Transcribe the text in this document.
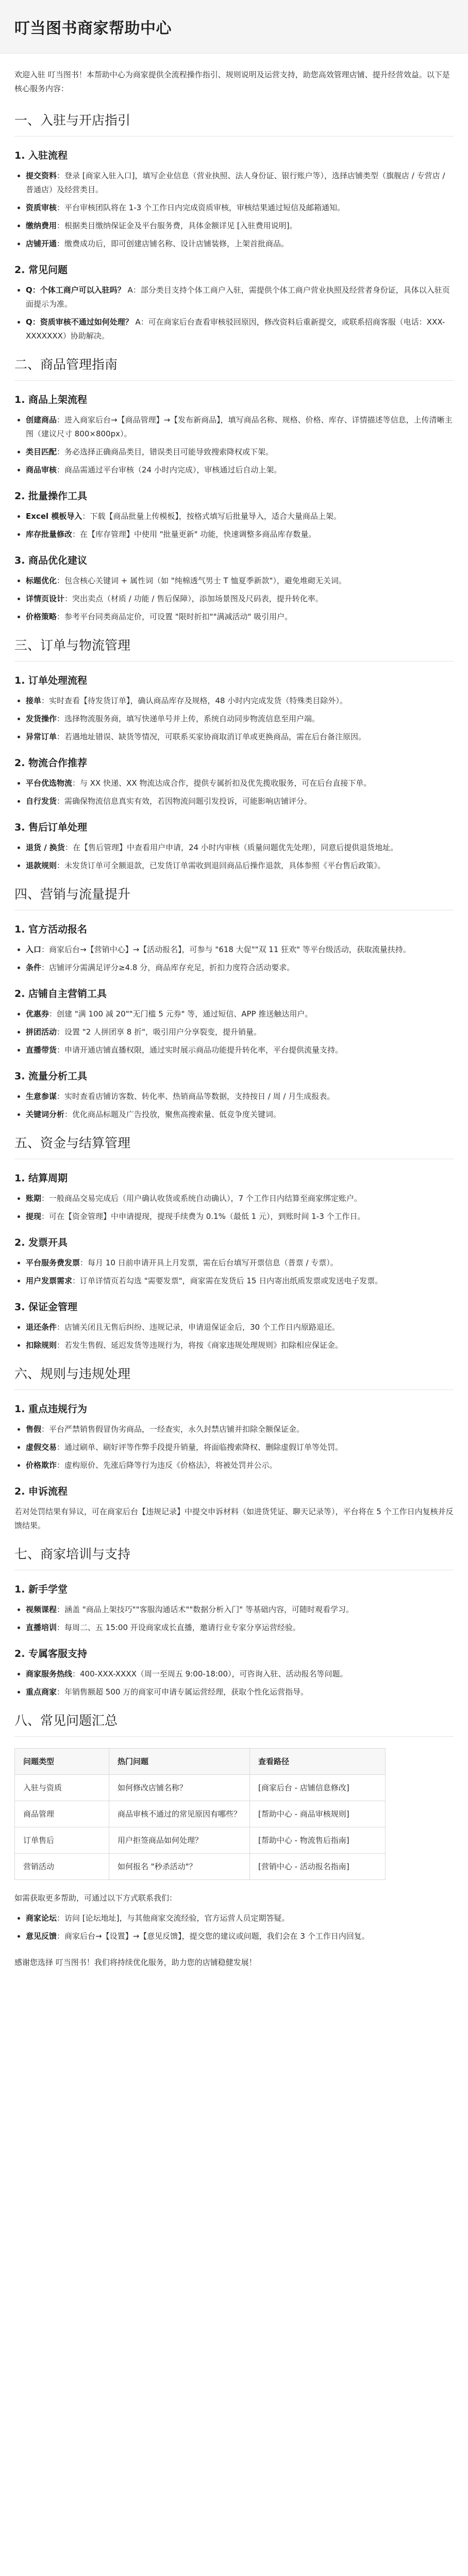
叮当图书商家帮助中心

欢迎入驻 叮当图书！本帮助中心为商家提供全流程操作指引、规则说明及运营支持，助您高效管理店铺、提升经营效益。以下是核心服务内容：

一、入驻与开店指引
1. 入驻流程
• 提交资料：登录 [商家入驻入口]，填写企业信息（营业执照、法人身份证、银行账户等），选择店铺类型（旗舰店 / 专营店 / 普通店）及经营类目。
• 资质审核：平台审核团队将在 1-3 个工作日内完成资质审核，审核结果通过短信及邮箱通知。
• 缴纳费用：根据类目缴纳保证金及平台服务费，具体金额详见 [入驻费用说明]。
• 店铺开通：缴费成功后，即可创建店铺名称、设计店铺装修，上架首批商品。
2. 常见问题
• Q：个体工商户可以入驻吗？ A：部分类目支持个体工商户入驻，需提供个体工商户营业执照及经营者身份证，具体以入驻页面提示为准。
• Q：资质审核不通过如何处理？ A：可在商家后台查看审核驳回原因，修改资料后重新提交，或联系招商客服（电话：XXX-XXXXXXX）协助解决。
二、商品管理指南
1. 商品上架流程
• 创建商品：进入商家后台→【商品管理】→【发布新商品】，填写商品名称、规格、价格、库存、详情描述等信息，上传清晰主图（建议尺寸 800×800px）。
• 类目匹配：务必选择正确商品类目，错误类目可能导致搜索降权或下架。
• 商品审核：商品需通过平台审核（24 小时内完成），审核通过后自动上架。
2. 批量操作工具
• Excel 模板导入：下载【商品批量上传模板】，按格式填写后批量导入，适合大量商品上架。
• 库存批量修改：在【库存管理】中使用 "批量更新" 功能，快速调整多商品库存数量。
3. 商品优化建议
• 标题优化：包含核心关键词 + 属性词（如 "纯棉透气男士 T 恤夏季新款"），避免堆砌无关词。
• 详情页设计：突出卖点（材质 / 功能 / 售后保障），添加场景图及尺码表，提升转化率。
• 价格策略：参考平台同类商品定价，可设置 "限时折扣""满减活动" 吸引用户。
三、订单与物流管理
1. 订单处理流程
• 接单：实时查看【待发货订单】，确认商品库存及规格，48 小时内完成发货（特殊类目除外）。
• 发货操作：选择物流服务商，填写快递单号并上传，系统自动同步物流信息至用户端。
• 异常订单：若遇地址错误、缺货等情况，可联系买家协商取消订单或更换商品，需在后台备注原因。
2. 物流合作推荐
• 平台优选物流：与 XX 快递、XX 物流达成合作，提供专属折扣及优先揽收服务，可在后台直接下单。
• 自行发货：需确保物流信息真实有效，若因物流问题引发投诉，可能影响店铺评分。
3. 售后订单处理
• 退货 / 换货：在【售后管理】中查看用户申请，24 小时内审核（质量问题优先处理），同意后提供退货地址。
• 退款规则：未发货订单可全额退款，已发货订单需收到退回商品后操作退款，具体参照《平台售后政策》。
四、营销与流量提升
1. 官方活动报名
• 入口：商家后台→【营销中心】→【活动报名】，可参与 "618 大促""双 11 狂欢" 等平台级活动，获取流量扶持。
• 条件：店铺评分需满足评分≥4.8 分，商品库存充足，折扣力度符合活动要求。
2. 店铺自主营销工具
• 优惠券：创建 "满 100 减 20""无门槛 5 元券" 等，通过短信、APP 推送触达用户。
• 拼团活动：设置 "2 人拼团享 8 折"，吸引用户分享裂变，提升销量。
• 直播带货：申请开通店铺直播权限，通过实时展示商品功能提升转化率，平台提供流量支持。
3. 流量分析工具
• 生意参谋：实时查看店铺访客数、转化率、热销商品等数据，支持按日 / 周 / 月生成报表。
• 关键词分析：优化商品标题及广告投放，聚焦高搜索量、低竞争度关键词。
五、资金与结算管理
1. 结算周期
• 账期：一般商品交易完成后（用户确认收货或系统自动确认），7 个工作日内结算至商家绑定账户。
• 提现：可在【资金管理】中申请提现，提现手续费为 0.1%（最低 1 元），到账时间 1-3 个工作日。
2. 发票开具
• 平台服务费发票：每月 10 日前申请开具上月发票，需在后台填写开票信息（普票 / 专票）。
• 用户发票需求：订单详情页若勾选 "需要发票"，商家需在发货后 15 日内寄出纸质发票或发送电子发票。
3. 保证金管理
• 退还条件：店铺关闭且无售后纠纷、违规记录，申请退保证金后，30 个工作日内原路退还。
• 扣除规则：若发生售假、延迟发货等违规行为，将按《商家违规处理规则》扣除相应保证金。
六、规则与违规处理
1. 重点违规行为
• 售假：平台严禁销售假冒伪劣商品，一经查实，永久封禁店铺并扣除全额保证金。
• 虚假交易：通过刷单、刷好评等作弊手段提升销量，将面临搜索降权、删除虚假订单等处罚。
• 价格欺诈：虚构原价、先涨后降等行为违反《价格法》，将被处罚并公示。
2. 申诉流程

若对处罚结果有异议，可在商家后台【违规记录】中提交申诉材料（如进货凭证、聊天记录等），平台将在 5 个工作日内复核并反馈结果。

七、商家培训与支持
1. 新手学堂
• 视频课程：涵盖 "商品上架技巧""客服沟通话术""数据分析入门" 等基础内容，可随时观看学习。
• 直播培训：每周二、五 15:00 开设商家成长直播，邀请行业专家分享运营经验。
2. 专属客服支持
• 商家服务热线：400-XXX-XXXX（周一至周五 9:00-18:00），可咨询入驻、活动报名等问题。
• 重点商家：年销售额超 500 万的商家可申请专属运营经理，获取个性化运营指导。
八、常见问题汇总
问题类型	热门问题	查看路径
入驻与资质	如何修改店铺名称？	[商家后台 - 店铺信息修改]
商品管理	商品审核不通过的常见原因有哪些？	[帮助中心 - 商品审核规则]
订单售后	用户拒签商品如何处理？	[帮助中心 - 物流售后指南]
营销活动	如何报名 "秒杀活动"？	[营销中心 - 活动报名指南]

如需获取更多帮助，可通过以下方式联系我们：

• 商家论坛：访问 [论坛地址]，与其他商家交流经验，官方运营人员定期答疑。
• 意见反馈：商家后台→【设置】→【意见反馈】，提交您的建议或问题，我们会在 3 个工作日内回复。

感谢您选择 叮当图书！我们将持续优化服务，助力您的店铺稳健发展！
